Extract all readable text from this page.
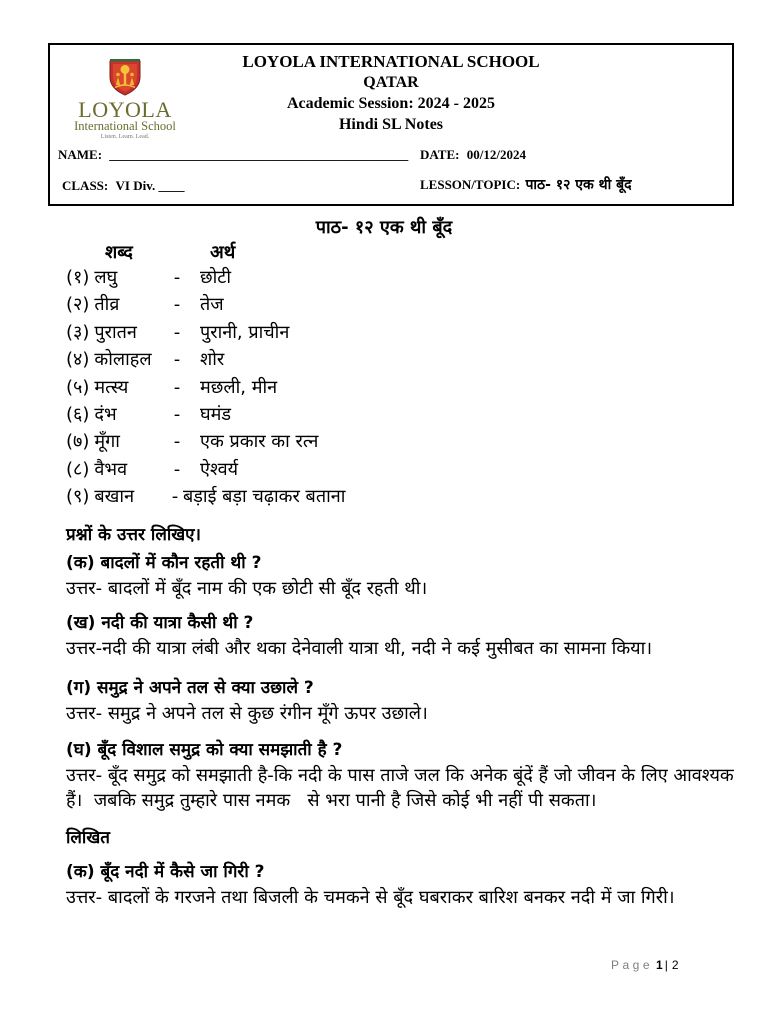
LOYOLA
International School
Listen. Learn. Lead.
LOYOLA INTERNATIONAL SCHOOL
QATAR
Academic Session: 2024 - 2025
Hindi SL Notes
NAME: ______________________________________________ DATE: 00/12/2024
CLASS: VI Div. ____	LESSON/TOPIC: पाठ- १२ एक थी बूँद
पाठ- १२ एक थी बूँद
शब्द	अर्थ
(१) लघु	- छोटी
(२) तीव्र	- तेज
(३) पुरातन - पुरानी, प्राचीन
(४) कोलाहल - शोर
(५) मत्स्य	- मछली, मीन
(६) दंभ	- घमंड
(७) मूँगा	- एक प्रकार का रत्न
(८) वैभव	- ऐश्वर्य
(९) बखान - बड़ाई बड़ा चढ़ाकर बताना
प्रश्नों के उत्तर लिखिए।
(क) बादलों में कौन रहती थी ?
उत्तर- बादलों में बूँद नाम की एक छोटी सी बूँद रहती थी।
(ख) नदी की यात्रा कैसी थी ?
उत्तर-नदी की यात्रा लंबी और थका देनेवाली यात्रा थी, नदी ने कई मुसीबत का सामना किया।
(ग) समुद्र ने अपने तल से क्या उछाले ?
उत्तर- समुद्र ने अपने तल से कुछ रंगीन मूँगे ऊपर उछाले।
(घ) बूँद विशाल समुद्र को क्या समझाती है ?
उत्तर- बूँद समुद्र को समझाती है-कि नदी के पास ताजे जल कि अनेक बूंदें हैं जो जीवन के लिए आवश्यक हैं।  जबकि समुद्र तुम्हारे पास नमक   से भरा पानी है जिसे कोई भी नहीं पी सकता।
लिखित
(क) बूँद नदी में कैसे जा गिरी ?
उत्तर- बादलों के गरजने तथा बिजली के चमकने से बूँद घबराकर बारिश बनकर नदी में जा गिरी।
Page 1 | 2
